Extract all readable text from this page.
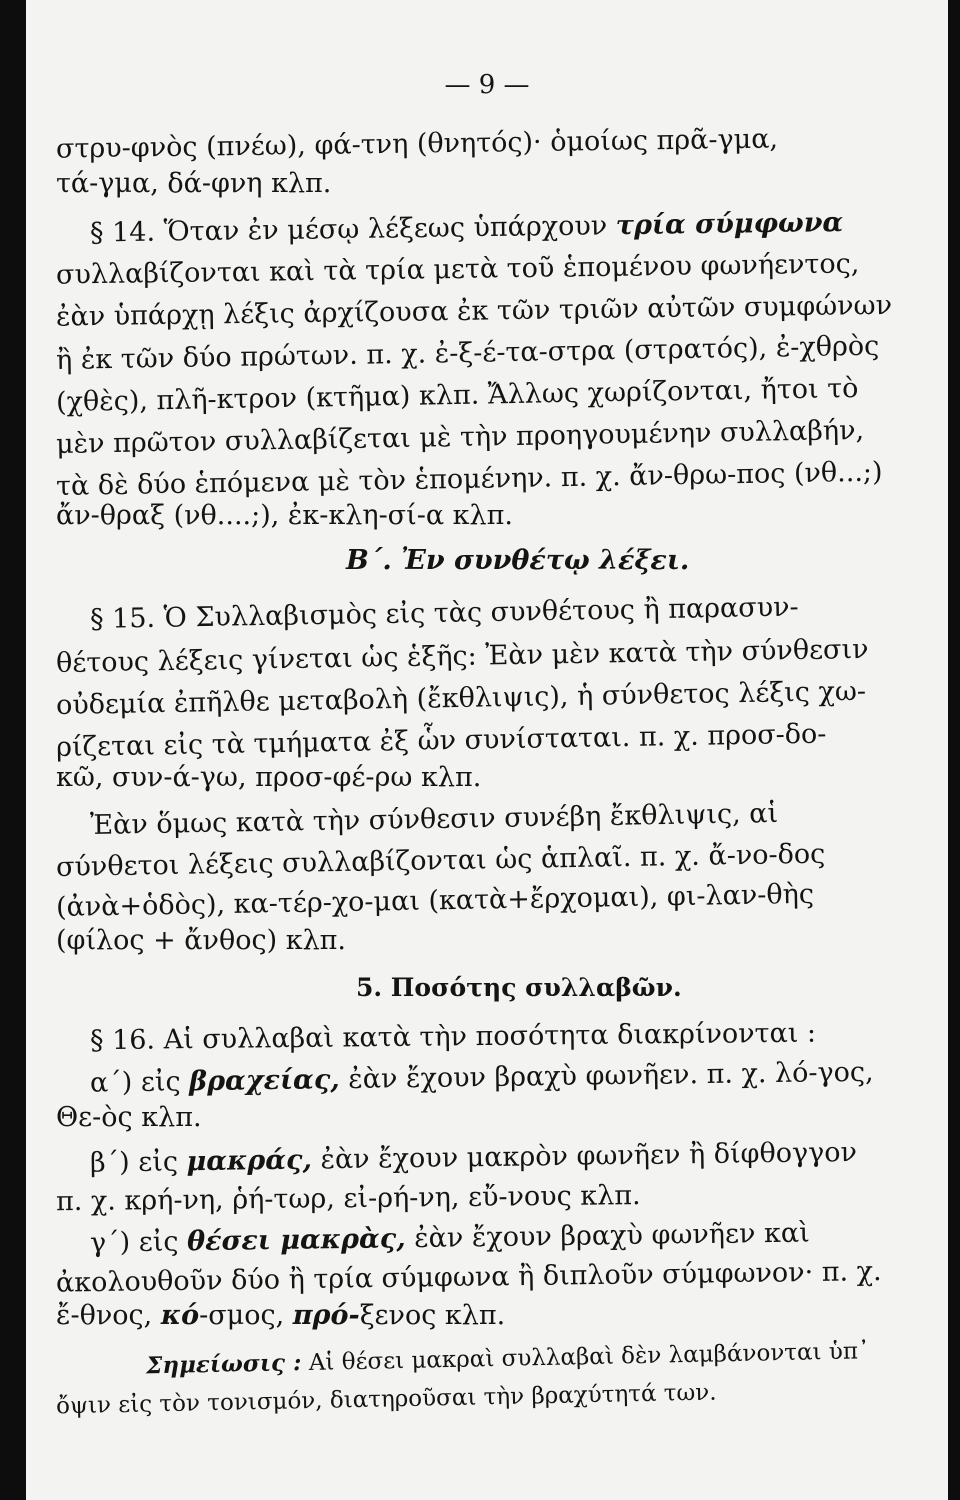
— 9 —
στρυ-φνὸς (πνέω), φά-τνη (θνητός)· ὁμοίως πρᾶ-γμα,
τά-γμα, δά-φνη κλπ.
§ 14. Ὅταν ἐν μέσῳ λέξεως ὑπάρχουν τρία σύμφωνα
συλλαβίζονται καὶ τὰ τρία μετὰ τοῦ ἑπομένου φωνήεντος,
ἐὰν ὑπάρχῃ λέξις ἀρχίζουσα ἐκ τῶν τριῶν αὐτῶν συμφώνων
ἢ ἐκ τῶν δύο πρώτων. π. χ. ἐ-ξ-έ-τα-στρα (στρατός), ἐ-χθρὸς
(χθὲς), πλῆ-κτρον (κτῆμα) κλπ. Ἄλλως χωρίζονται, ἤτοι τὸ
μὲν πρῶτον συλλαβίζεται μὲ τὴν προηγουμένην συλλαβήν,
τὰ δὲ δύο ἑπόμενα μὲ τὸν ἑπομένην. π. χ. ἄν-θρω-πος (νθ...;)
ἄν-θραξ (νθ....;), ἐκ-κλη-σί-α κλπ.
Β΄. Ἐν συνθέτῳ λέξει.
§ 15. Ὁ Συλλαβισμὸς εἰς τὰς συνθέτους ἢ παρασυν-
θέτους λέξεις γίνεται ὡς ἑξῆς: Ἐὰν μὲν κατὰ τὴν σύνθεσιν
οὐδεμία ἐπῆλθε μεταβολὴ (ἔκθλιψις), ἡ σύνθετος λέξις χω-
ρίζεται εἰς τὰ τμήματα ἐξ ὧν συνίσταται. π. χ. προσ-δο-
κῶ, συν-ά-γω, προσ-φέ-ρω κλπ.
Ἐὰν ὅμως κατὰ τὴν σύνθεσιν συνέβη ἔκθλιψις, αἱ
σύνθετοι λέξεις συλλαβίζονται ὡς ἁπλαῖ. π. χ. ἄ-νο-δος
(ἀνὰ+ὁδὸς), κα-τέρ-χο-μαι (κατὰ+ἔρχομαι), φι-λαν-θὴς
(φίλος + ἄνθος) κλπ.
5. Ποσότης συλλαβῶν.
§ 16. Αἱ συλλαβαὶ κατὰ τὴν ποσότητα διακρίνονται :
α΄) εἰς βραχείας, ἐὰν ἔχουν βραχὺ φωνῆεν. π. χ. λό-γος,
Θε-ὸς κλπ.
β΄) εἰς μακράς, ἐὰν ἔχουν μακρὸν φωνῆεν ἢ δίφθογγον
π. χ. κρή-νη, ῥή-τωρ, εἰ-ρή-νη, εὔ-νους κλπ.
γ΄) εἰς θέσει μακρὰς, ἐὰν ἔχουν βραχὺ φωνῆεν καὶ
ἀκολουθοῦν δύο ἢ τρία σύμφωνα ἢ διπλοῦν σύμφωνον· π. χ.
ἔ-θνος, κό-σμος, πρό-ξενος κλπ.
Σημείωσις : Αἱ θέσει μακραὶ συλλαβαὶ δὲν λαμβάνονται ὑπ᾽
ὄψιν εἰς τὸν τονισμόν, διατηροῦσαι τὴν βραχύτητά των.
